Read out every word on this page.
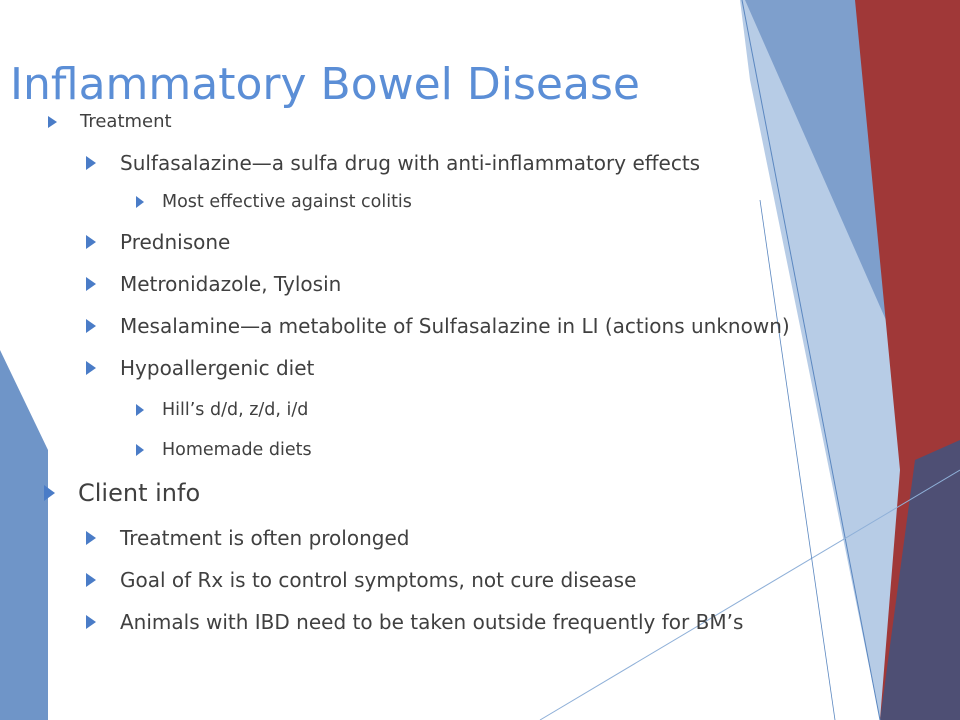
Inflammatory Bowel Disease
Treatment
Sulfasalazine—a sulfa drug with anti-inflammatory effects
Most effective against colitis
Prednisone
Metronidazole, Tylosin
Mesalamine—a metabolite of Sulfasalazine in LI (actions unknown)
Hypoallergenic diet
Hill’s d/d, z/d, i/d
Homemade diets
Client info
Treatment is often prolonged
Goal of Rx is to control symptoms, not cure disease
Animals with IBD need to be taken outside frequently for BM’s
